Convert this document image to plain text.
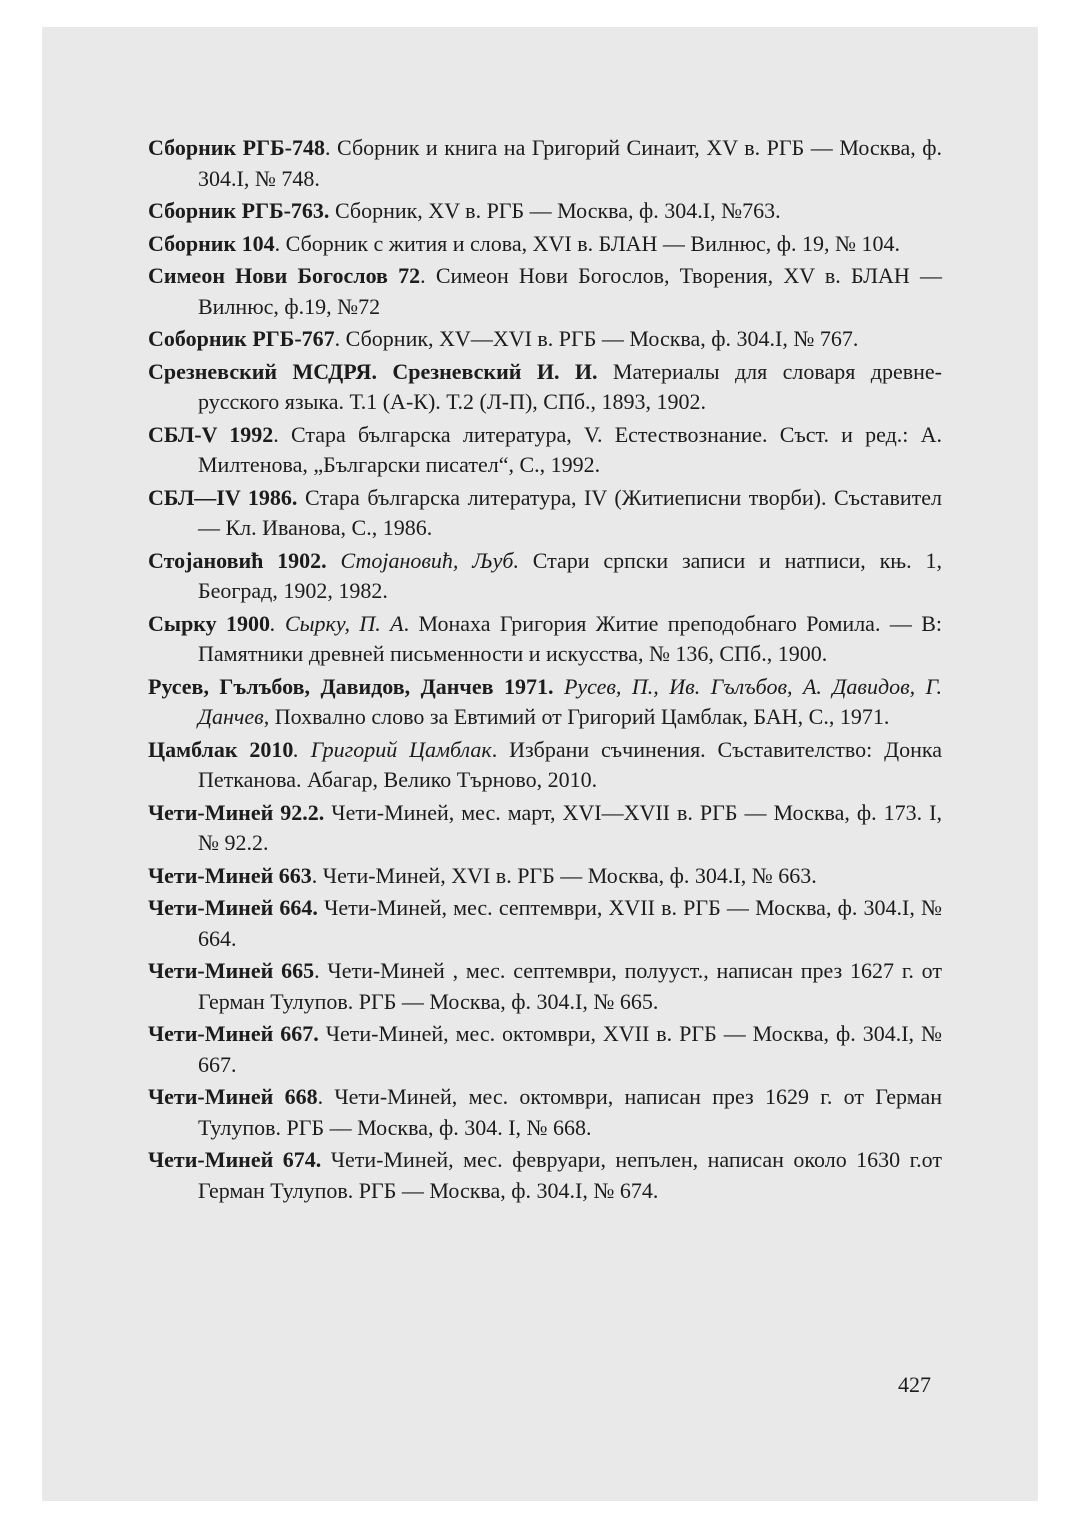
Сборник РГБ-748. Сборник и книга на Григорий Синаит, XV в. РГБ — Москва, ф. 304.I, № 748.

Сборник РГБ-763. Сборник, XV в. РГБ — Москва, ф. 304.I, №763.

Сборник 104. Сборник с жития и слова, XVI в. БЛАН — Вилнюс, ф. 19, № 104.

Симеон Нови Богослов 72. Симеон Нови Богослов, Творения, XV в. БЛАН — Вилнюс, ф.19, №72

Соборник РГБ-767. Сборник, XV—XVI в. РГБ — Москва, ф. 304.I, № 767.

Срезневский МСДРЯ. Срезневский И. И. Материалы для словаря древне-русского языка. Т.1 (А-К). Т.2 (Л-П), СПб., 1893, 1902.

СБЛ-V 1992. Стара българска литература, V. Естествознание. Съст. и ред.: А. Милтенова, „Български писател“, С., 1992.

СБЛ—IV 1986. Стара българска литература, IV (Житиеписни творби). Съставител — Кл. Иванова, С., 1986.

Стојановић 1902. Стојановић, Љуб. Стари српски записи и натписи, књ. 1, Београд, 1902, 1982.

Сырку 1900. Сырку, П. А. Монаха Григория Житие преподобнаго Ромила. — В: Памятники древней письменности и искусства, № 136, СПб., 1900.

Русев, Гълъбов, Давидов, Данчев 1971. Русев, П., Ив. Гълъбов, А. Давидов, Г. Данчев, Похвално слово за Евтимий от Григорий Цамблак, БАН, С., 1971.

Цамблак 2010. Григорий Цамблак. Избрани съчинения. Съставителство: Донка Петканова. Абагар, Велико Търново, 2010.

Чети-Миней 92.2. Чети-Миней, мес. март, XVI—XVII в. РГБ — Москва, ф. 173. I, № 92.2.

Чети-Миней 663. Чети-Миней, XVI в. РГБ — Москва, ф. 304.I, № 663.

Чети-Миней 664. Чети-Миней, мес. септември, XVII в. РГБ — Москва, ф. 304.I, № 664.

Чети-Миней 665. Чети-Миней , мес. септември, полууст., написан през 1627 г. от Герман Тулупов. РГБ — Москва, ф. 304.I, № 665.

Чети-Миней 667. Чети-Миней, мес. октомври, XVII в. РГБ — Москва, ф. 304.I, № 667.

Чети-Миней 668. Чети-Миней, мес. октомври, написан през 1629 г. от Герман Тулупов. РГБ — Москва, ф. 304. I, № 668.

Чети-Миней 674. Чети-Миней, мес. февруари, непълен, написан около 1630 г.от Герман Тулупов. РГБ — Москва, ф. 304.I, № 674.

427
